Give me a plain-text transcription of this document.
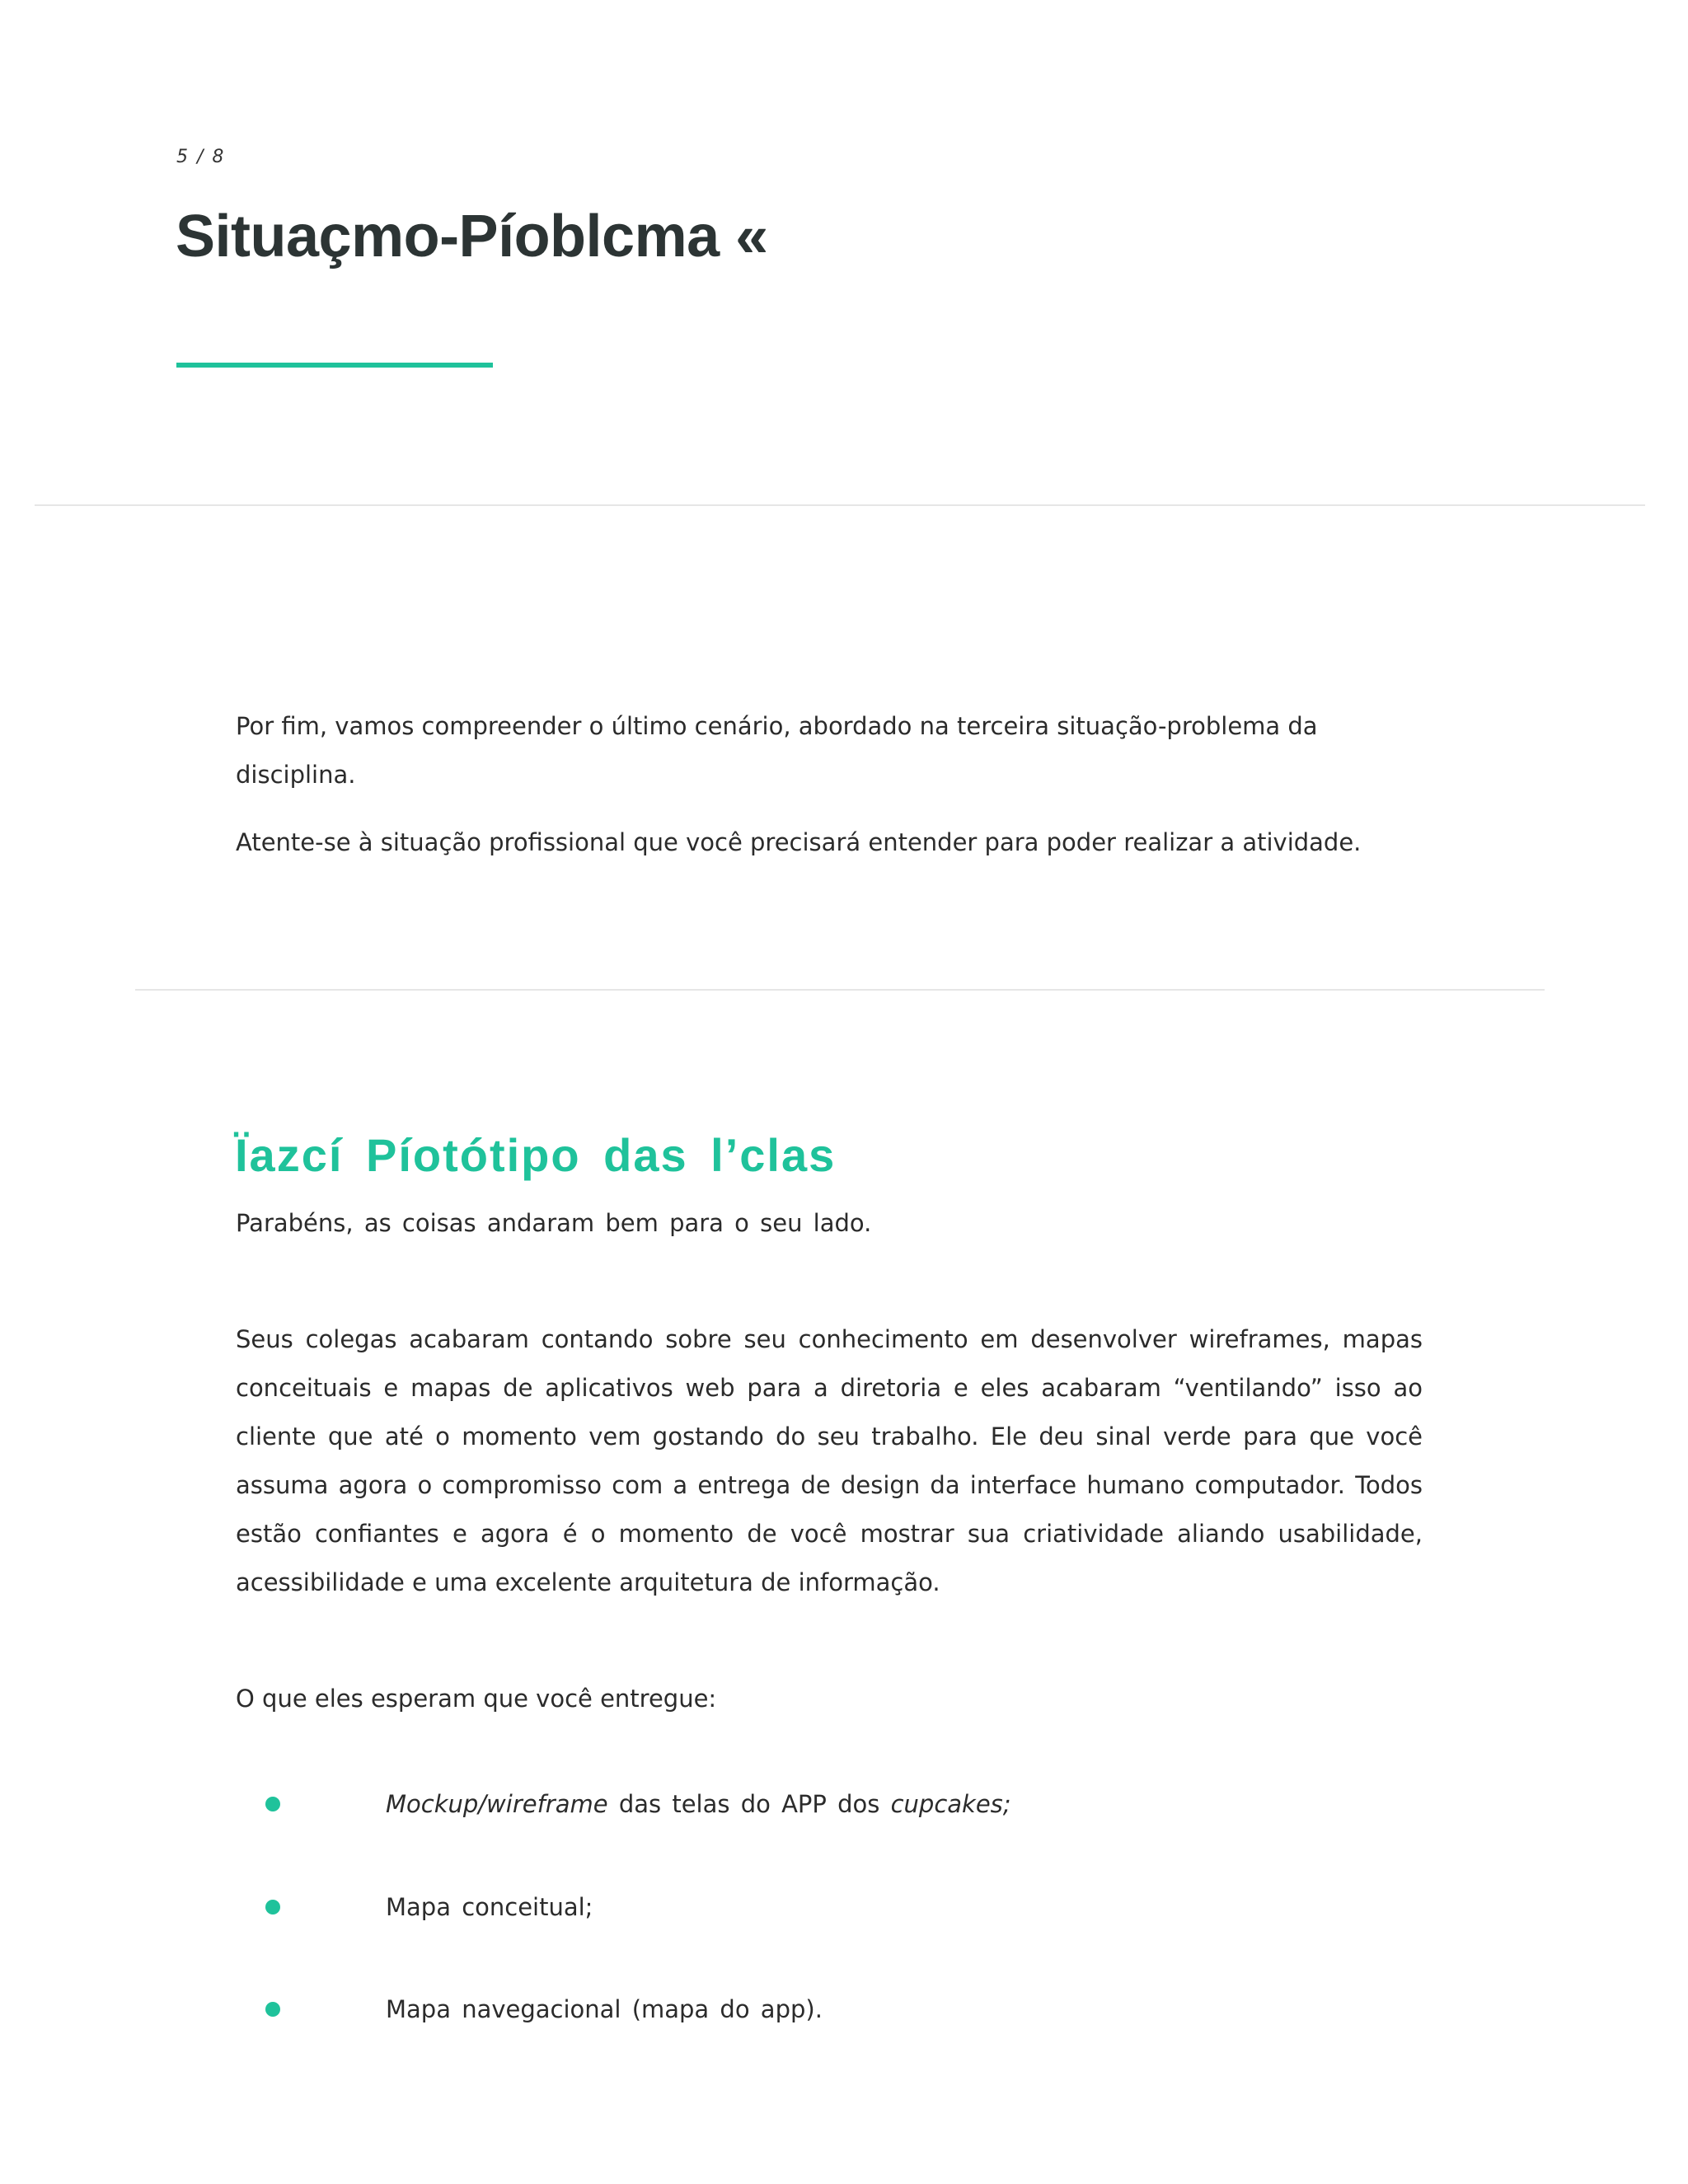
5 / 8

Situaçmo-Píoblcma «

Por fim, vamos compreender o último cenário, abordado na terceira situação-problema da disciplina.

Atente-se à situação profissional que você precisará entender para poder realizar a atividade.

Ïazcí Píotótipo das l’clas

Parabéns, as coisas andaram bem para o seu lado.

Seus colegas acabaram contando sobre seu conhecimento em desenvolver wireframes, mapas conceituais e mapas de aplicativos web para a diretoria e eles acabaram “ventilando” isso ao cliente que até o momento vem gostando do seu trabalho. Ele deu sinal verde para que você assuma agora o compromisso com a entrega de design da interface humano computador. Todos estão confiantes e agora é o momento de você mostrar sua criatividade aliando usabilidade, acessibilidade e uma excelente arquitetura de informação.

O que eles esperam que você entregue:

Mockup/wireframe das telas do APP dos cupcakes;
Mapa conceitual;
Mapa navegacional (mapa do app).
